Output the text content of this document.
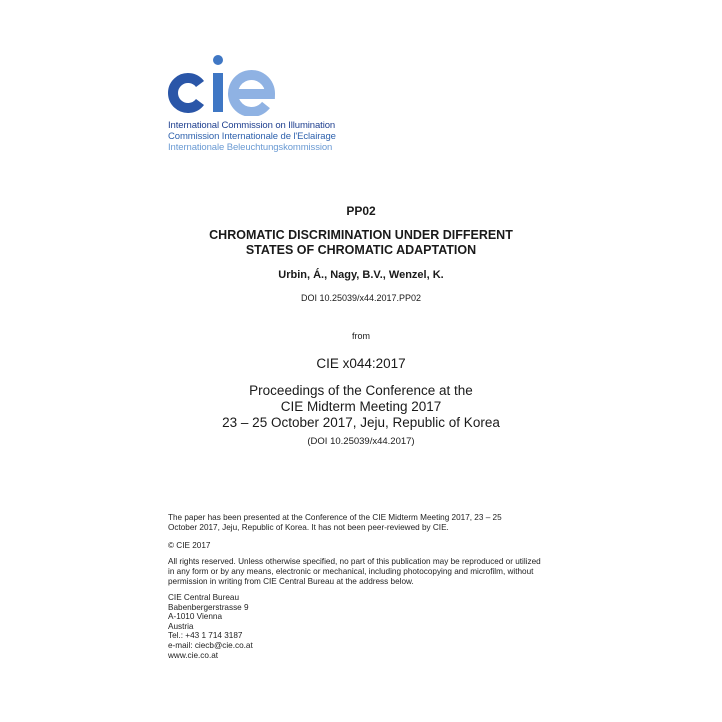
International Commission on Illumination
Commission Internationale de l'Eclairage
Internationale Beleuchtungskommission
PP02
CHROMATIC DISCRIMINATION UNDER DIFFERENT
STATES OF CHROMATIC ADAPTATION
Urbin, Á., Nagy, B.V., Wenzel, K.
DOI 10.25039/x44.2017.PP02
from
CIE x044:2017
Proceedings of the Conference at the
CIE Midterm Meeting 2017
23 – 25 October 2017, Jeju, Republic of Korea
(DOI 10.25039/x44.2017)
The paper has been presented at the Conference of the CIE Midterm Meeting 2017, 23 – 25
October 2017, Jeju, Republic of Korea. It has not been peer-reviewed by CIE.
© CIE 2017
All rights reserved. Unless otherwise specified, no part of this publication may be reproduced or utilized
in any form or by any means, electronic or mechanical, including photocopying and microfilm, without
permission in writing from CIE Central Bureau at the address below.
CIE Central Bureau
Babenbergerstrasse 9
A-1010 Vienna
Austria
Tel.: +43 1 714 3187
e-mail: ciecb@cie.co.at
www.cie.co.at
